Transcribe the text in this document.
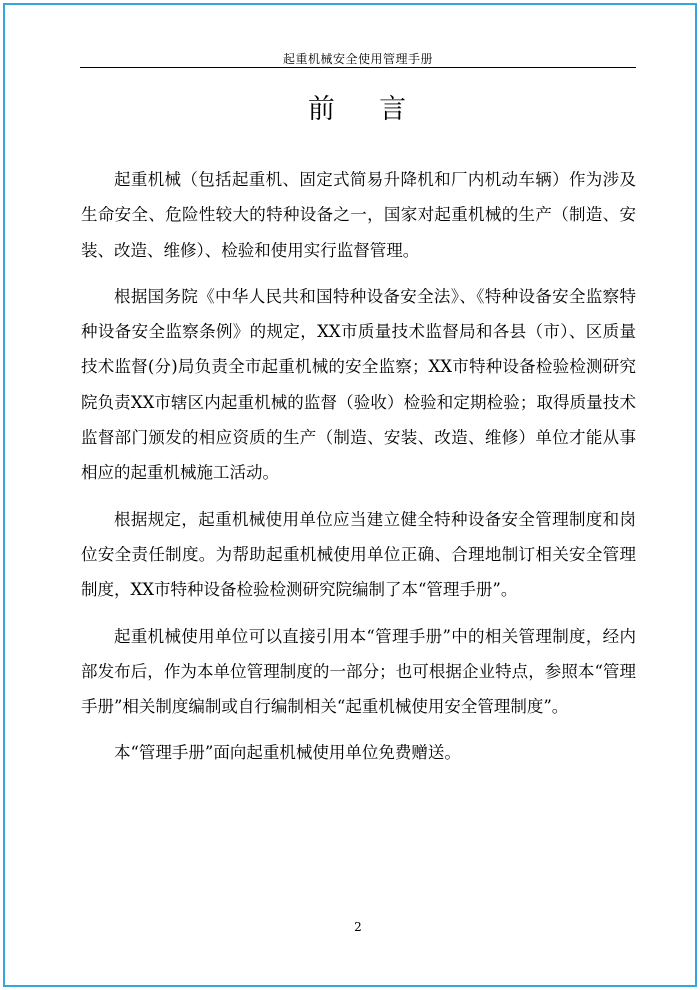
起重机械安全使用管理手册
前    言

起重机械（包括起重机、固定式简易升降机和厂内机动车辆）作为涉及生命安全、危险性较大的特种设备之一，国家对起重机械的生产（制造、安装、改造、维修）、检验和使用实行监督管理。

根据国务院《中华人民共和国特种设备安全法》、《特种设备安全监察特种设备安全监察条例》的规定，XX市质量技术监督局和各县（市）、区质量技术监督(分)局负责全市起重机械的安全监察；XX市特种设备检验检测研究院负责XX市辖区内起重机械的监督（验收）检验和定期检验；取得质量技术监督部门颁发的相应资质的生产（制造、安装、改造、维修）单位才能从事相应的起重机械施工活动。

根据规定，起重机械使用单位应当建立健全特种设备安全管理制度和岗位安全责任制度。为帮助起重机械使用单位正确、合理地制订相关安全管理制度，XX市特种设备检验检测研究院编制了本“管理手册”。

起重机械使用单位可以直接引用本“管理手册”中的相关管理制度，经内部发布后，作为本单位管理制度的一部分；也可根据企业特点，参照本“管理手册”相关制度编制或自行编制相关“起重机械使用安全管理制度”。

本“管理手册”面向起重机械使用单位免费赠送。

2
